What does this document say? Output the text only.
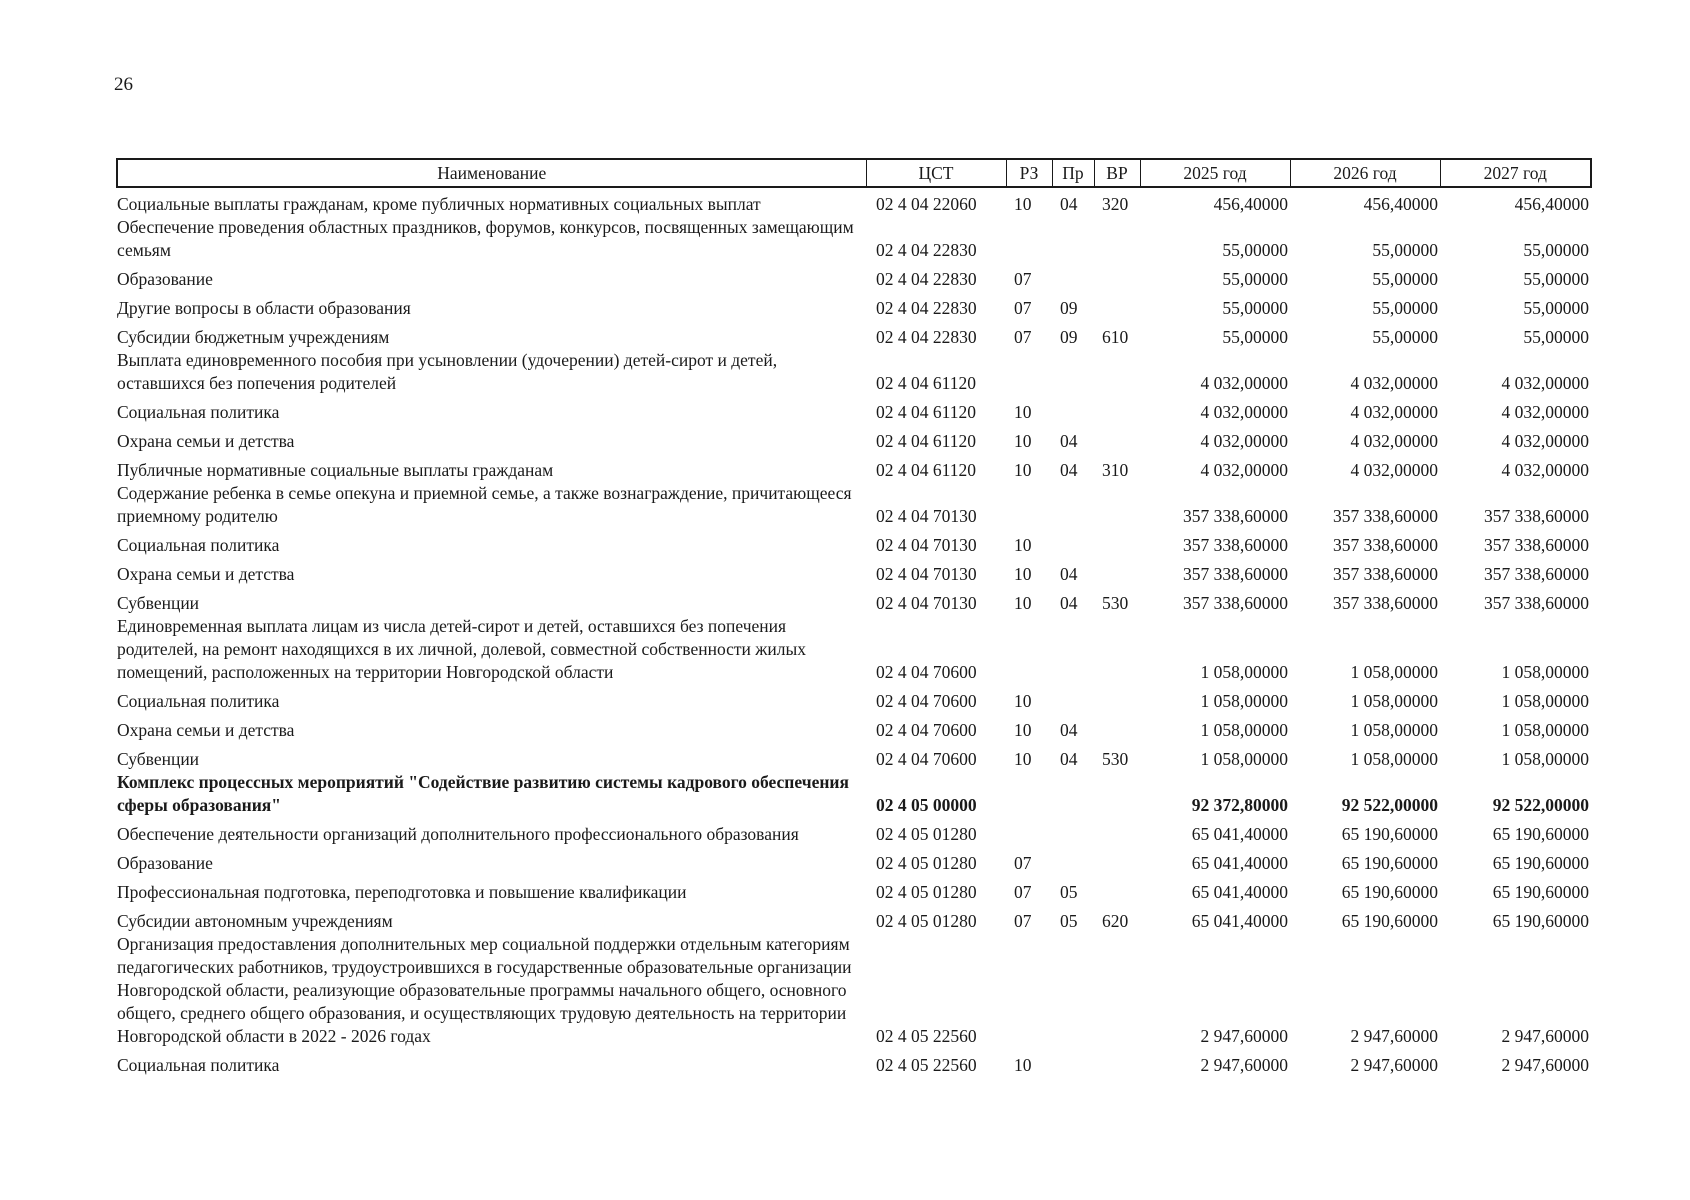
26
Наименование	ЦСТ	РЗ	Пр	ВР	2025 год	2026 год	2027 год
Социальные выплаты гражданам, кроме публичных нормативных социальных выплат	02 4 04 22060	10	04	320	456,40000	456,40000	456,40000
Обеспечение проведения областных праздников, форумов, конкурсов, посвященных замещающим семьям	02 4 04 22830				55,00000	55,00000	55,00000
Образование	02 4 04 22830	07			55,00000	55,00000	55,00000
Другие вопросы в области образования	02 4 04 22830	07	09		55,00000	55,00000	55,00000
Субсидии бюджетным учреждениям	02 4 04 22830	07	09	610	55,00000	55,00000	55,00000
Выплата единовременного пособия при усыновлении (удочерении) детей-сирот и детей, оставшихся без попечения родителей	02 4 04 61120				4 032,00000	4 032,00000	4 032,00000
Социальная политика	02 4 04 61120	10			4 032,00000	4 032,00000	4 032,00000
Охрана семьи и детства	02 4 04 61120	10	04		4 032,00000	4 032,00000	4 032,00000
Публичные нормативные социальные выплаты гражданам	02 4 04 61120	10	04	310	4 032,00000	4 032,00000	4 032,00000
Содержание ребенка в семье опекуна и приемной семье, а также вознаграждение, причитающееся приемному родителю	02 4 04 70130				357 338,60000	357 338,60000	357 338,60000
Социальная политика	02 4 04 70130	10			357 338,60000	357 338,60000	357 338,60000
Охрана семьи и детства	02 4 04 70130	10	04		357 338,60000	357 338,60000	357 338,60000
Субвенции	02 4 04 70130	10	04	530	357 338,60000	357 338,60000	357 338,60000
Единовременная выплата лицам из числа детей-сирот и детей, оставшихся без попечения родителей, на ремонт находящихся в их личной, долевой, совместной собственности жилых помещений, расположенных на территории Новгородской области	02 4 04 70600				1 058,00000	1 058,00000	1 058,00000
Социальная политика	02 4 04 70600	10			1 058,00000	1 058,00000	1 058,00000
Охрана семьи и детства	02 4 04 70600	10	04		1 058,00000	1 058,00000	1 058,00000
Субвенции	02 4 04 70600	10	04	530	1 058,00000	1 058,00000	1 058,00000
Комплекс процессных мероприятий "Содействие развитию системы кадрового обеспечения сферы образования"	02 4 05 00000				92 372,80000	92 522,00000	92 522,00000
Обеспечение деятельности организаций дополнительного профессионального образования	02 4 05 01280				65 041,40000	65 190,60000	65 190,60000
Образование	02 4 05 01280	07			65 041,40000	65 190,60000	65 190,60000
Профессиональная подготовка, переподготовка и повышение квалификации	02 4 05 01280	07	05		65 041,40000	65 190,60000	65 190,60000
Субсидии автономным учреждениям	02 4 05 01280	07	05	620	65 041,40000	65 190,60000	65 190,60000
Организация предоставления дополнительных мер социальной поддержки отдельным категориям педагогических работников, трудоустроившихся в государственные образовательные организации Новгородской области, реализующие образовательные программы начального общего, основного общего, среднего общего образования, и осуществляющих трудовую деятельность на территории Новгородской области в 2022 - 2026 годах	02 4 05 22560				2 947,60000	2 947,60000	2 947,60000
Социальная политика	02 4 05 22560	10			2 947,60000	2 947,60000	2 947,60000
